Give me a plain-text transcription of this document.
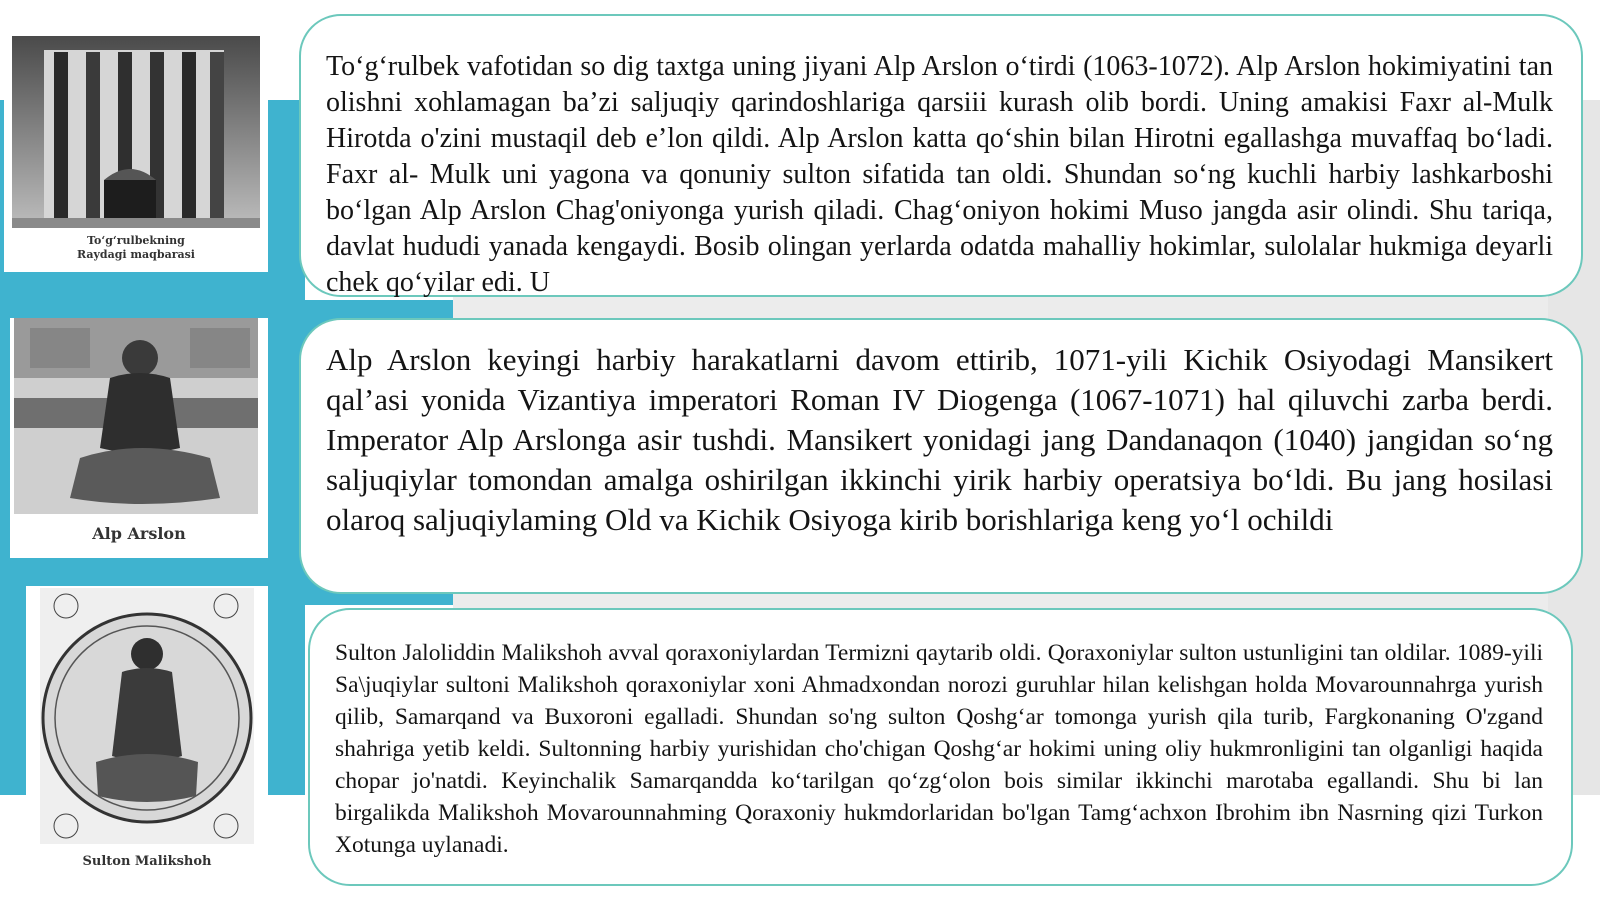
To‘g‘rulbekning
Raydagi maqbarasi
Alp Arslon
Sulton Malikshoh

To‘g‘rulbek vafotidan so dig taxtga uning jiyani Alp Arslon o‘tirdi (1063-1072). Alp Arslon hokimiyatini tan olishni xohlamagan ba’zi saljuqiy qarindoshlariga qarsiii kurash olib bordi. Uning amakisi Faxr al-Mulk Hirotda o'zini mustaqil deb e’lon qildi. Alp Arslon katta qo‘shin bilan Hirotni egallashga muvaffaq bo‘ladi. Faxr al- Mulk uni yagona va qonuniy sulton sifatida tan oldi. Shundan so‘ng kuchli harbiy lashkarboshi bo‘lgan Alp Arslon Chag'oniyonga yurish qiladi. Chag‘oniyon hokimi Muso jangda asir olindi. Shu tariqa, davlat hududi yanada kengaydi. Bosib olingan yerlarda odatda mahalliy hokimlar, sulolalar hukmiga deyarli chek qo‘yilar edi. U

Alp Arslon keyingi harbiy harakatlarni davom ettirib, 1071-yili Kichik Osiyodagi Mansikert qal’asi yonida Vizantiya imperatori Roman IV Diogenga (1067-1071) hal qiluvchi zarba berdi. Imperator Alp Arslonga asir tushdi. Mansikert yonidagi jang Dandanaqon (1040) jangidan so‘ng saljuqiylar tomondan amalga oshirilgan ikkinchi yirik harbiy operatsiya bo‘ldi. Bu jang hosilasi olaroq saljuqiylaming Old va Kichik Osiyoga kirib borishlariga keng yo‘l ochildi

Sulton Jaloliddin Malikshoh avval qoraxoniylardan Termizni qaytarib oldi. Qoraxoniylar sulton ustunligini tan oldilar. 1089-yili Sa\juqiylar sultoni Malikshoh qoraxoniylar xoni Ahmadxondan norozi guruhlar hilan kelishgan holda Movarounnahrga yurish qilib, Samarqand va Buxoroni egalladi. Shundan so'ng sulton Qoshg‘ar tomonga yurish qila turib, Fargkonaning O'zgand shahriga yetib keldi. Sultonning harbiy yurishidan cho'chigan Qoshg‘ar hokimi uning oliy hukmronligini tan olganligi haqida chopar jo'natdi. Keyinchalik Samarqandda ko‘tarilgan qo‘zg‘olon bois similar ikkinchi marotaba egallandi. Shu bi lan birgalikda Malikshoh Movarounnahming Qoraxoniy hukmdorlaridan bo'lgan Tamg‘achxon Ibrohim ibn Nasrning qizi Turkon Xotunga uylanadi.
